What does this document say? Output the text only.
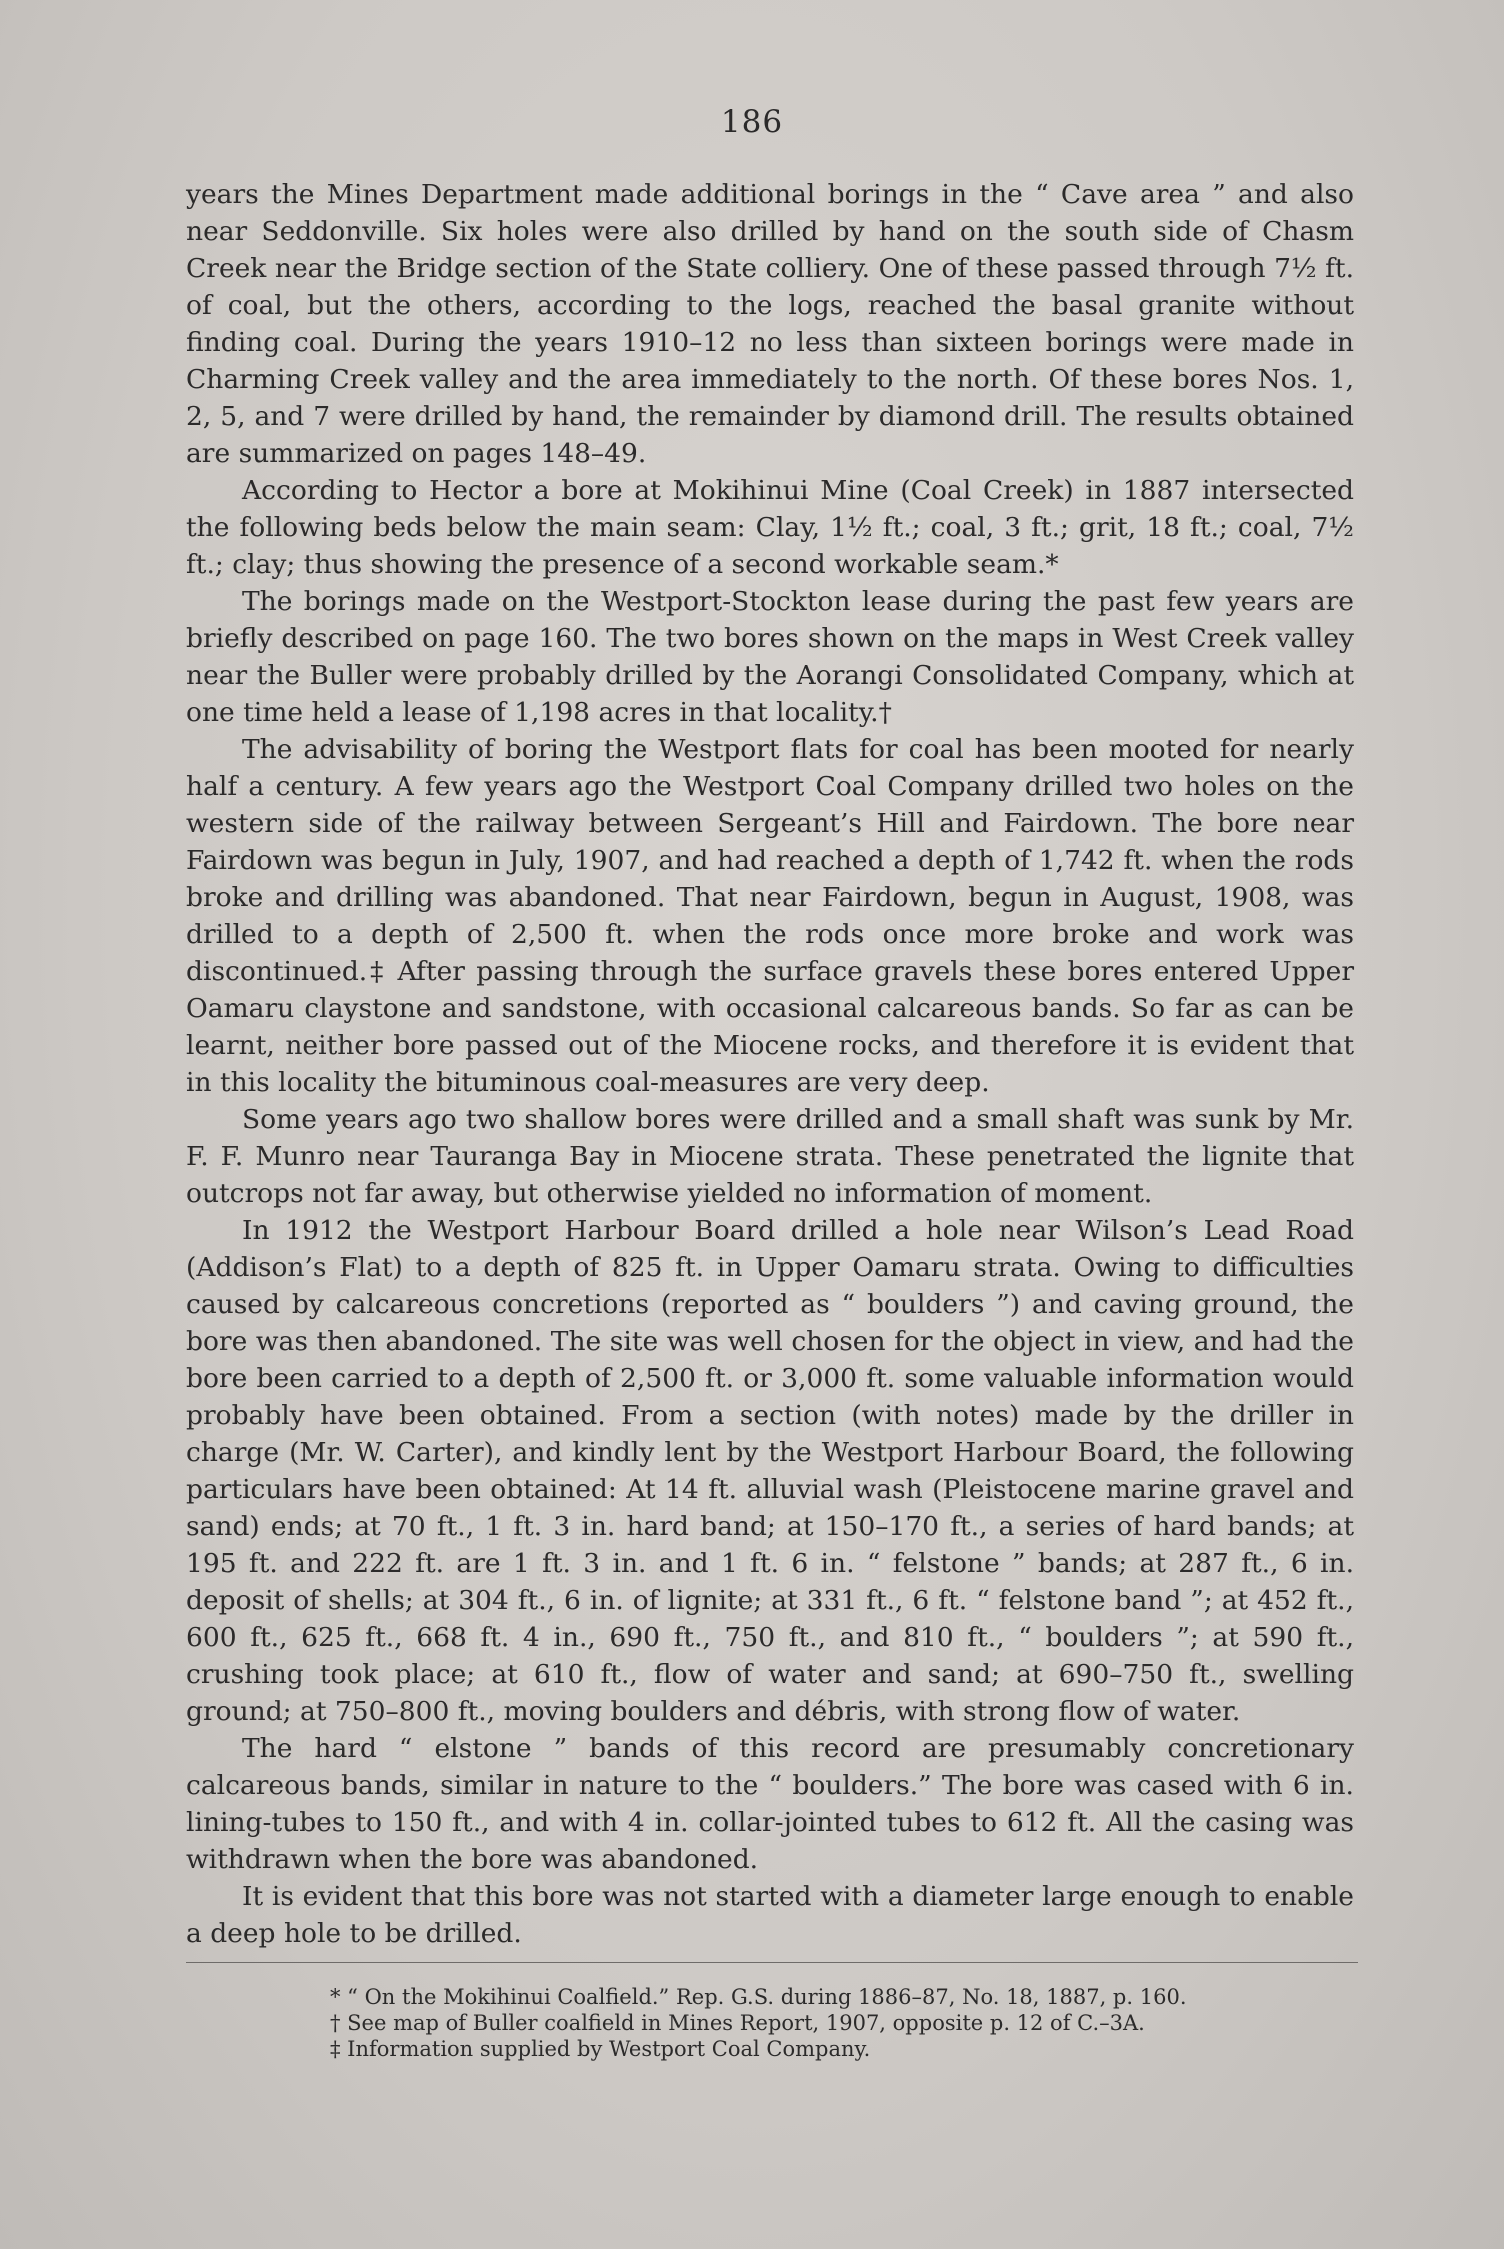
186

years the Mines Department made additional borings in the “ Cave area ” and also near Seddonville. Six holes were also drilled by hand on the south side of Chasm Creek near the Bridge section of the State colliery. One of these passed through 7½ ft. of coal, but the others, according to the logs, reached the basal granite without finding coal. During the years 1910–12 no less than sixteen borings were made in Charming Creek valley and the area immediately to the north. Of these bores Nos. 1, 2, 5, and 7 were drilled by hand, the remainder by diamond drill. The results obtained are summarized on pages 148–49.

According to Hector a bore at Mokihinui Mine (Coal Creek) in 1887 intersected the following beds below the main seam: Clay, 1½ ft.; coal, 3 ft.; grit, 18 ft.; coal, 7½ ft.; clay; thus showing the presence of a second workable seam.*

The borings made on the Westport-Stockton lease during the past few years are briefly described on page 160. The two bores shown on the maps in West Creek valley near the Buller were probably drilled by the Aorangi Consolidated Company, which at one time held a lease of 1,198 acres in that locality.†

The advisability of boring the Westport flats for coal has been mooted for nearly half a century. A few years ago the Westport Coal Company drilled two holes on the western side of the railway between Sergeant’s Hill and Fairdown. The bore near Fairdown was begun in July, 1907, and had reached a depth of 1,742 ft. when the rods broke and drilling was abandoned. That near Fairdown, begun in August, 1908, was drilled to a depth of 2,500 ft. when the rods once more broke and work was discontinued.‡ After passing through the surface gravels these bores entered Upper Oamaru claystone and sandstone, with occasional calcareous bands. So far as can be learnt, neither bore passed out of the Miocene rocks, and therefore it is evident that in this locality the bituminous coal-measures are very deep.

Some years ago two shallow bores were drilled and a small shaft was sunk by Mr. F. F. Munro near Tauranga Bay in Miocene strata. These penetrated the lignite that outcrops not far away, but otherwise yielded no information of moment.

In 1912 the Westport Harbour Board drilled a hole near Wilson’s Lead Road (Addison’s Flat) to a depth of 825 ft. in Upper Oamaru strata. Owing to difficulties caused by calcareous concretions (reported as “ boulders ”) and caving ground, the bore was then abandoned. The site was well chosen for the object in view, and had the bore been carried to a depth of 2,500 ft. or 3,000 ft. some valuable information would probably have been obtained. From a section (with notes) made by the driller in charge (Mr. W. Carter), and kindly lent by the Westport Harbour Board, the following particulars have been obtained: At 14 ft. alluvial wash (Pleistocene marine gravel and sand) ends; at 70 ft., 1 ft. 3 in. hard band; at 150–170 ft., a series of hard bands; at 195 ft. and 222 ft. are 1 ft. 3 in. and 1 ft. 6 in. “ felstone ” bands; at 287 ft., 6 in. deposit of shells; at 304 ft., 6 in. of lignite; at 331 ft., 6 ft. “ felstone band ”; at 452 ft., 600 ft., 625 ft., 668 ft. 4 in., 690 ft., 750 ft., and 810 ft., “ boulders ”; at 590 ft., crushing took place; at 610 ft., flow of water and sand; at 690–750 ft., swelling ground; at 750–800 ft., moving boulders and débris, with strong flow of water.

The hard “ elstone ” bands of this record are presumably concretionary calcareous bands, similar in nature to the “ boulders.” The bore was cased with 6 in. lining-tubes to 150 ft., and with 4 in. collar-jointed tubes to 612 ft. All the casing was withdrawn when the bore was abandoned.

It is evident that this bore was not started with a diameter large enough to enable a deep hole to be drilled.

* “ On the Mokihinui Coalfield.” Rep. G.S. during 1886–87, No. 18, 1887, p. 160.
† See map of Buller coalfield in Mines Report, 1907, opposite p. 12 of C.–3A.
‡ Information supplied by Westport Coal Company.
